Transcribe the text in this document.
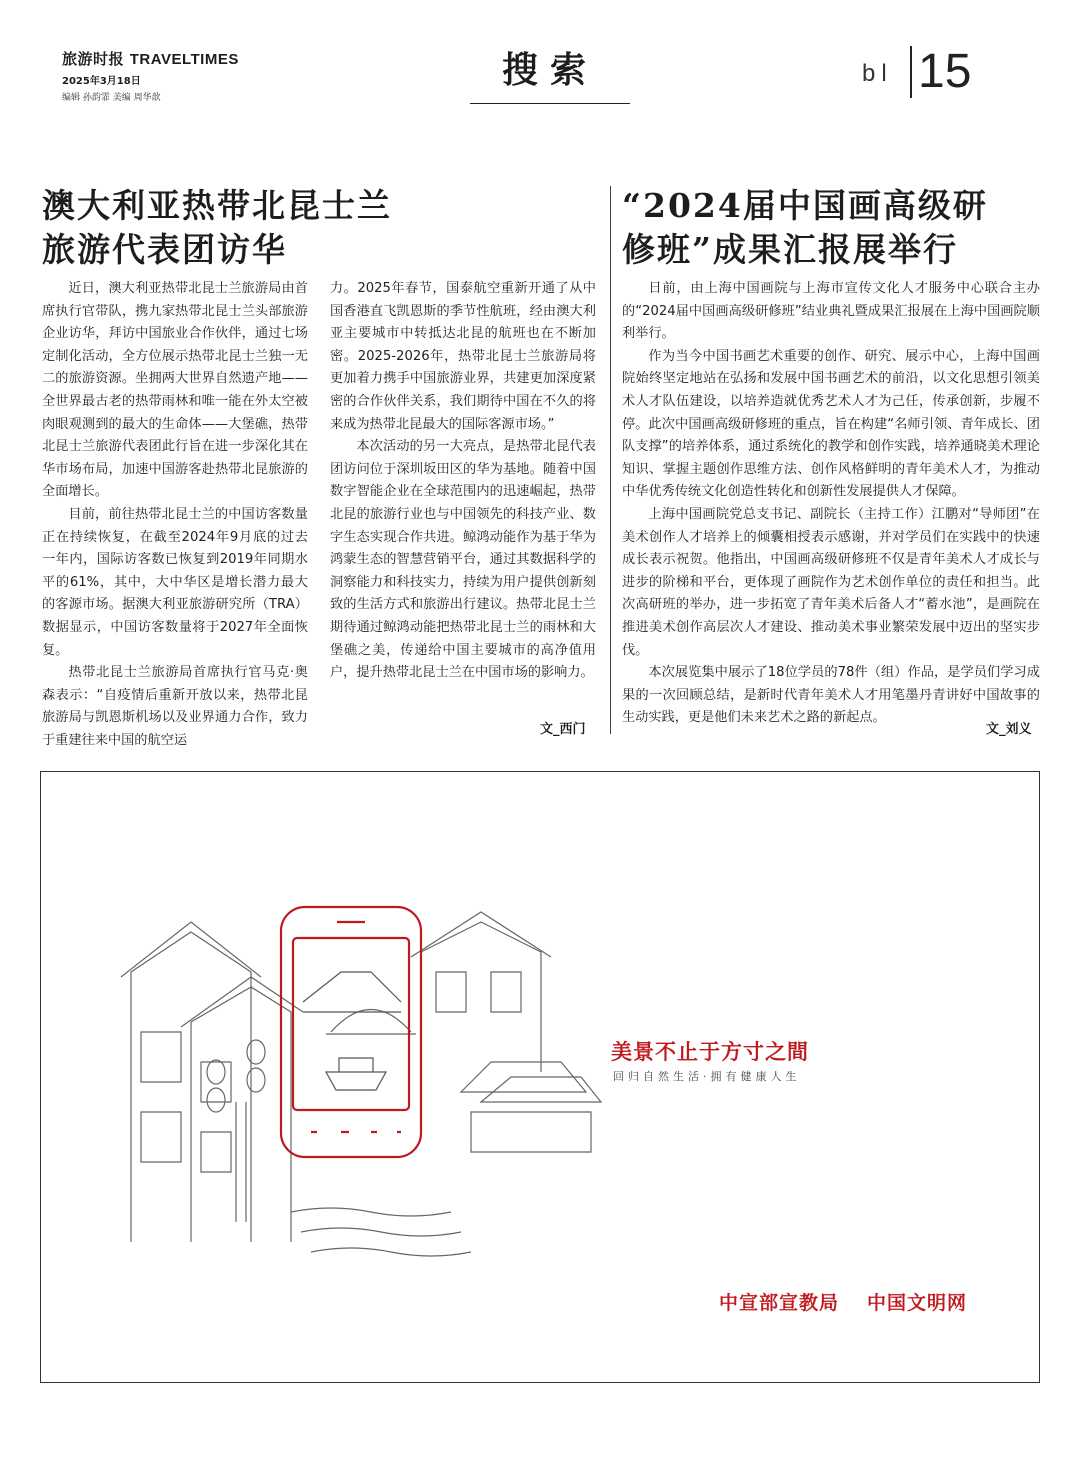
旅游时报 TRAVELTIMES
2025年3月18日
编辑 孙韵霏 美编 周华歆
搜索	bl 15
澳大利亚热带北昆士兰
旅游代表团访华

近日，澳大利亚热带北昆士兰旅游局由首席执行官带队，携九家热带北昆士兰头部旅游企业访华，拜访中国旅业合作伙伴，通过七场定制化活动，全方位展示热带北昆士兰独一无二的旅游资源。坐拥两大世界自然遗产地——全世界最古老的热带雨林和唯一能在外太空被肉眼观测到的最大的生命体——大堡礁，热带北昆士兰旅游代表团此行旨在进一步深化其在华市场布局，加速中国游客赴热带北昆旅游的全面增长。

目前，前往热带北昆士兰的中国访客数量正在持续恢复，在截至2024年9月底的过去一年内，国际访客数已恢复到2019年同期水平的61%，其中，大中华区是增长潜力最大的客源市场。据澳大利亚旅游研究所（TRA）数据显示，中国访客数量将于2027年全面恢复。

热带北昆士兰旅游局首席执行官马克·奥森表示：“自疫情后重新开放以来，热带北昆旅游局与凯恩斯机场以及业界通力合作，致力于重建往来中国的航空运

力。2025年春节，国泰航空重新开通了从中国香港直飞凯恩斯的季节性航班，经由澳大利亚主要城市中转抵达北昆的航班也在不断加密。2025-2026年，热带北昆士兰旅游局将更加着力携手中国旅游业界，共建更加深度紧密的合作伙伴关系，我们期待中国在不久的将来成为热带北昆最大的国际客源市场。”

本次活动的另一大亮点，是热带北昆代表团访问位于深圳坂田区的华为基地。随着中国数字智能企业在全球范围内的迅速崛起，热带北昆的旅游行业也与中国领先的科技产业、数字生态实现合作共进。鲸鸿动能作为基于华为鸿蒙生态的智慧营销平台，通过其数据科学的洞察能力和科技实力，持续为用户提供创新刻致的生活方式和旅游出行建议。热带北昆士兰期待通过鲸鸿动能把热带北昆士兰的雨林和大堡礁之美，传递给中国主要城市的高净值用户，提升热带北昆士兰在中国市场的影响力。

文_西门
“2024届中国画高级研
修班”成果汇报展举行

日前，由上海中国画院与上海市宣传文化人才服务中心联合主办的“2024届中国画高级研修班”结业典礼暨成果汇报展在上海中国画院顺利举行。

作为当今中国书画艺术重要的创作、研究、展示中心，上海中国画院始终坚定地站在弘扬和发展中国书画艺术的前沿，以文化思想引领美术人才队伍建设，以培养造就优秀艺术人才为己任，传承创新，步履不停。此次中国画高级研修班的重点，旨在构建“名师引领、青年成长、团队支撑”的培养体系，通过系统化的教学和创作实践，培养通晓美术理论知识、掌握主题创作思维方法、创作风格鲜明的青年美术人才，为推动中华优秀传统文化创造性转化和创新性发展提供人才保障。

上海中国画院党总支书记、副院长（主持工作）江鹏对“导师团”在美术创作人才培养上的倾囊相授表示感谢，并对学员们在实践中的快速成长表示祝贺。他指出，中国画高级研修班不仅是青年美术人才成长与进步的阶梯和平台，更体现了画院作为艺术创作单位的责任和担当。此次高研班的举办，进一步拓宽了青年美术后备人才“蓄水池”，是画院在推进美术创作高层次人才建设、推动美术事业繁荣发展中迈出的坚实步伐。

本次展览集中展示了18位学员的78件（组）作品，是学员们学习成果的一次回顾总结，是新时代青年美术人才用笔墨丹青讲好中国故事的生动实践，更是他们未来艺术之路的新起点。

文_刘义
美景不止于方寸之間
回归自然生活·拥有健康人生
中宣部宣教局 中国文明网
